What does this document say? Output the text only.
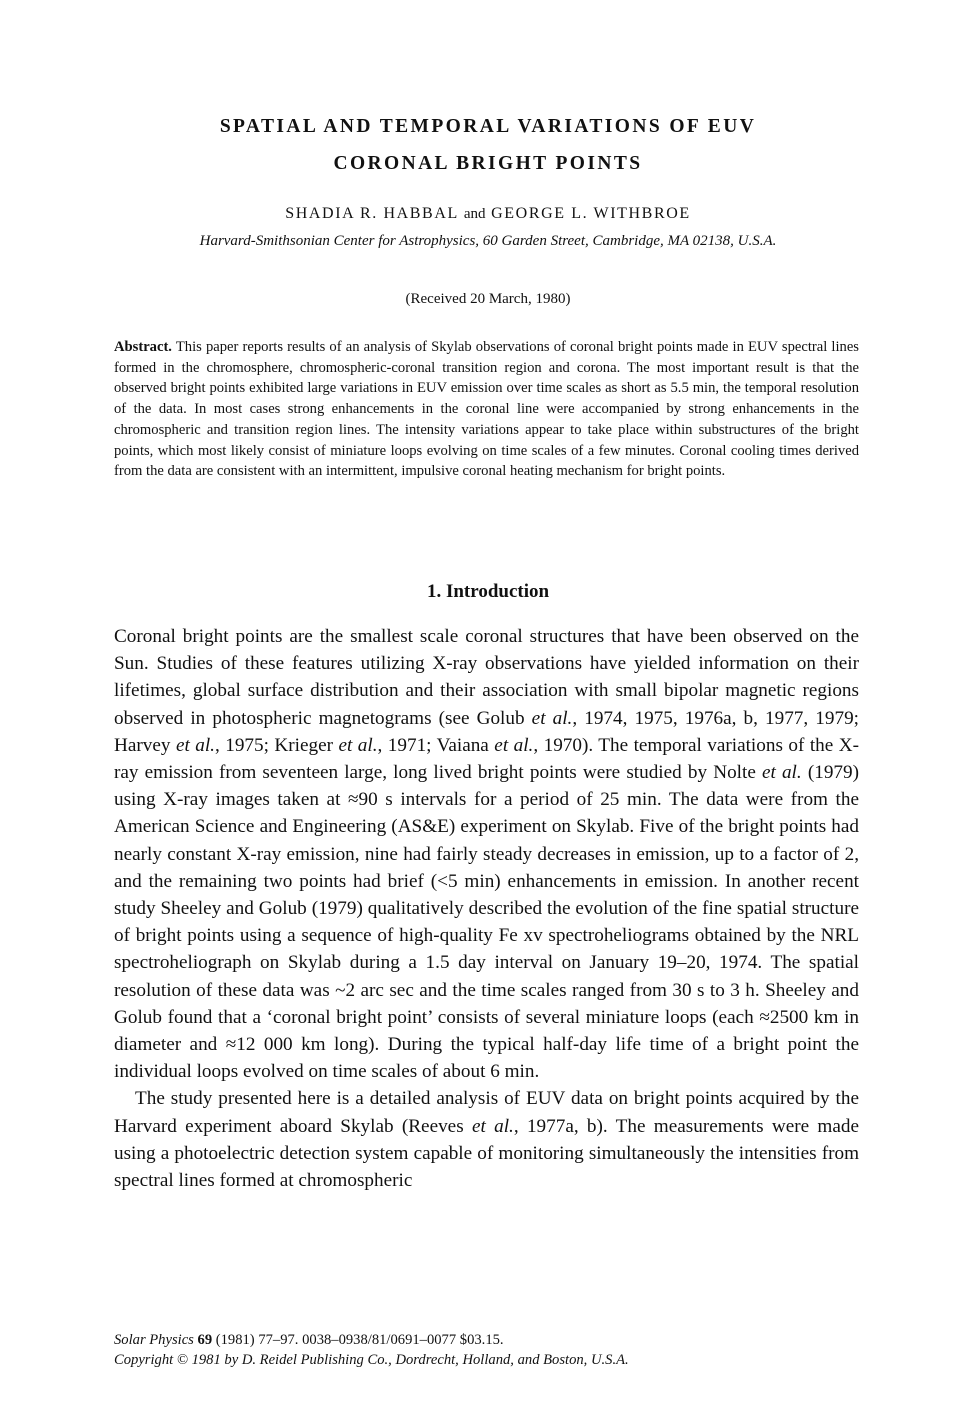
SPATIAL AND TEMPORAL VARIATIONS OF EUV
CORONAL BRIGHT POINTS
SHADIA R. HABBAL and GEORGE L. WITHBROE
Harvard-Smithsonian Center for Astrophysics, 60 Garden Street, Cambridge, MA 02138, U.S.A.
(Received 20 March, 1980)

Abstract. This paper reports results of an analysis of Skylab observations of coronal bright points made in EUV spectral lines formed in the chromosphere, chromospheric-coronal transition region and corona. The most important result is that the observed bright points exhibited large variations in EUV emission over time scales as short as 5.5 min, the temporal resolution of the data. In most cases strong enhancements in the coronal line were accompanied by strong enhancements in the chromospheric and transition region lines. The intensity variations appear to take place within substructures of the bright points, which most likely consist of miniature loops evolving on time scales of a few minutes. Coronal cooling times derived from the data are consistent with an intermittent, impulsive coronal heating mechanism for bright points.

1. Introduction

Coronal bright points are the smallest scale coronal structures that have been observed on the Sun. Studies of these features utilizing X-ray observations have yielded information on their lifetimes, global surface distribution and their association with small bipolar magnetic regions observed in photospheric magnetograms (see Golub et al., 1974, 1975, 1976a, b, 1977, 1979; Harvey et al., 1975; Krieger et al., 1971; Vaiana et al., 1970). The temporal variations of the X-ray emission from seventeen large, long lived bright points were studied by Nolte et al. (1979) using X-ray images taken at ≈90 s intervals for a period of 25 min. The data were from the American Science and Engineering (AS&E) experiment on Skylab. Five of the bright points had nearly constant X-ray emission, nine had fairly steady decreases in emission, up to a factor of 2, and the remaining two points had brief (<5 min) enhancements in emission. In another recent study Sheeley and Golub (1979) qualitatively described the evolution of the fine spatial structure of bright points using a sequence of high-quality Fe xv spectroheliograms obtained by the NRL spectroheliograph on Skylab during a 1.5 day interval on January 19–20, 1974. The spatial resolution of these data was ~2 arc sec and the time scales ranged from 30 s to 3 h. Sheeley and Golub found that a ‘coronal bright point’ consists of several miniature loops (each ≈2500 km in diameter and ≈12 000 km long). During the typical half-day life time of a bright point the individual loops evolved on time scales of about 6 min.

The study presented here is a detailed analysis of EUV data on bright points acquired by the Harvard experiment aboard Skylab (Reeves et al., 1977a, b). The measurements were made using a photoelectric detection system capable of monitoring simultaneously the intensities from spectral lines formed at chromospheric

Solar Physics 69 (1981) 77–97. 0038–0938/81/0691–0077 $03.15.
Copyright © 1981 by D. Reidel Publishing Co., Dordrecht, Holland, and Boston, U.S.A.
